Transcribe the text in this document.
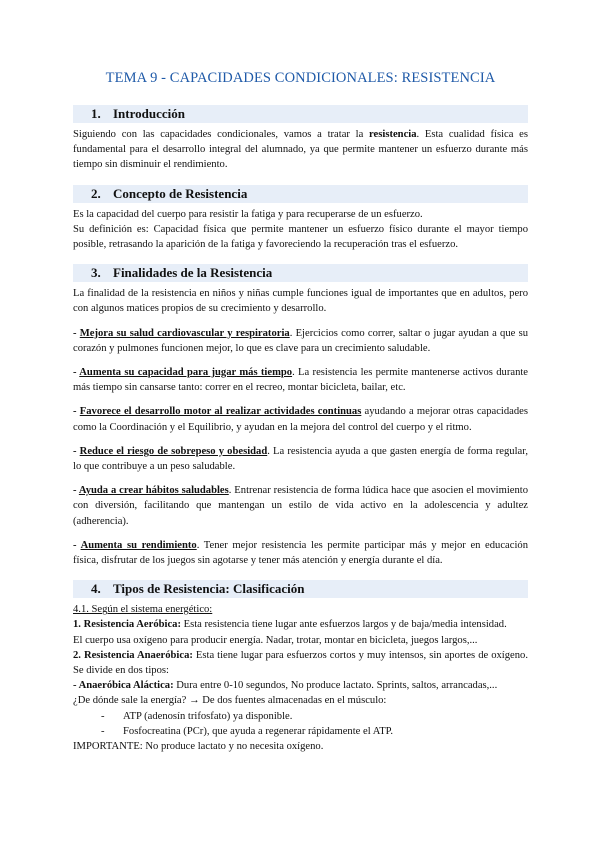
TEMA 9 - CAPACIDADES CONDICIONALES: RESISTENCIA
1. Introducción

Siguiendo con las capacidades condicionales, vamos a tratar la resistencia. Esta cualidad física es fundamental para el desarrollo integral del alumnado, ya que permite mantener un esfuerzo durante más tiempo sin disminuir el rendimiento.

2. Concepto de Resistencia

Es la capacidad del cuerpo para resistir la fatiga y para recuperarse de un esfuerzo.

Su definición es: Capacidad física que permite mantener un esfuerzo físico durante el mayor tiempo posible, retrasando la aparición de la fatiga y favoreciendo la recuperación tras el esfuerzo.

3. Finalidades de la Resistencia

La finalidad de la resistencia en niños y niñas cumple funciones igual de importantes que en adultos, pero con algunos matices propios de su crecimiento y desarrollo.

- Mejora su salud cardiovascular y respiratoria. Ejercicios como correr, saltar o jugar ayudan a que su corazón y pulmones funcionen mejor, lo que es clave para un crecimiento saludable.

- Aumenta su capacidad para jugar más tiempo. La resistencia les permite mantenerse activos durante más tiempo sin cansarse tanto: correr en el recreo, montar bicicleta, bailar, etc.

- Favorece el desarrollo motor al realizar actividades continuas ayudando a mejorar otras capacidades como la Coordinación y el Equilibrio, y ayudan en la mejora del control del cuerpo y el ritmo.

- Reduce el riesgo de sobrepeso y obesidad. La resistencia ayuda a que gasten energía de forma regular, lo que contribuye a un peso saludable.

- Ayuda a crear hábitos saludables. Entrenar resistencia de forma lúdica hace que asocien el movimiento con diversión, facilitando que mantengan un estilo de vida activo en la adolescencia y adultez (adherencia).

- Aumenta su rendimiento. Tener mejor resistencia les permite participar más y mejor en educación física, disfrutar de los juegos sin agotarse y tener más atención y energía durante el día.

4. Tipos de Resistencia: Clasificación

4.1. Según el sistema energético:

1. Resistencia Aeróbica: Esta resistencia tiene lugar ante esfuerzos largos y de baja/media intensidad.

El cuerpo usa oxígeno para producir energía. Nadar, trotar, montar en bicicleta, juegos largos,...

2. Resistencia Anaeróbica: Esta tiene lugar para esfuerzos cortos y muy intensos, sin aportes de oxígeno. Se divide en dos tipos:

- Anaeróbica Aláctica: Dura entre 0-10 segundos, No produce lactato. Sprints, saltos, arrancadas,...

¿De dónde sale la energía? → De dos fuentes almacenadas en el músculo:

- ATP (adenosín trifosfato) ya disponible.
- Fosfocreatina (PCr), que ayuda a regenerar rápidamente el ATP.

IMPORTANTE: No produce lactato y no necesita oxígeno.
